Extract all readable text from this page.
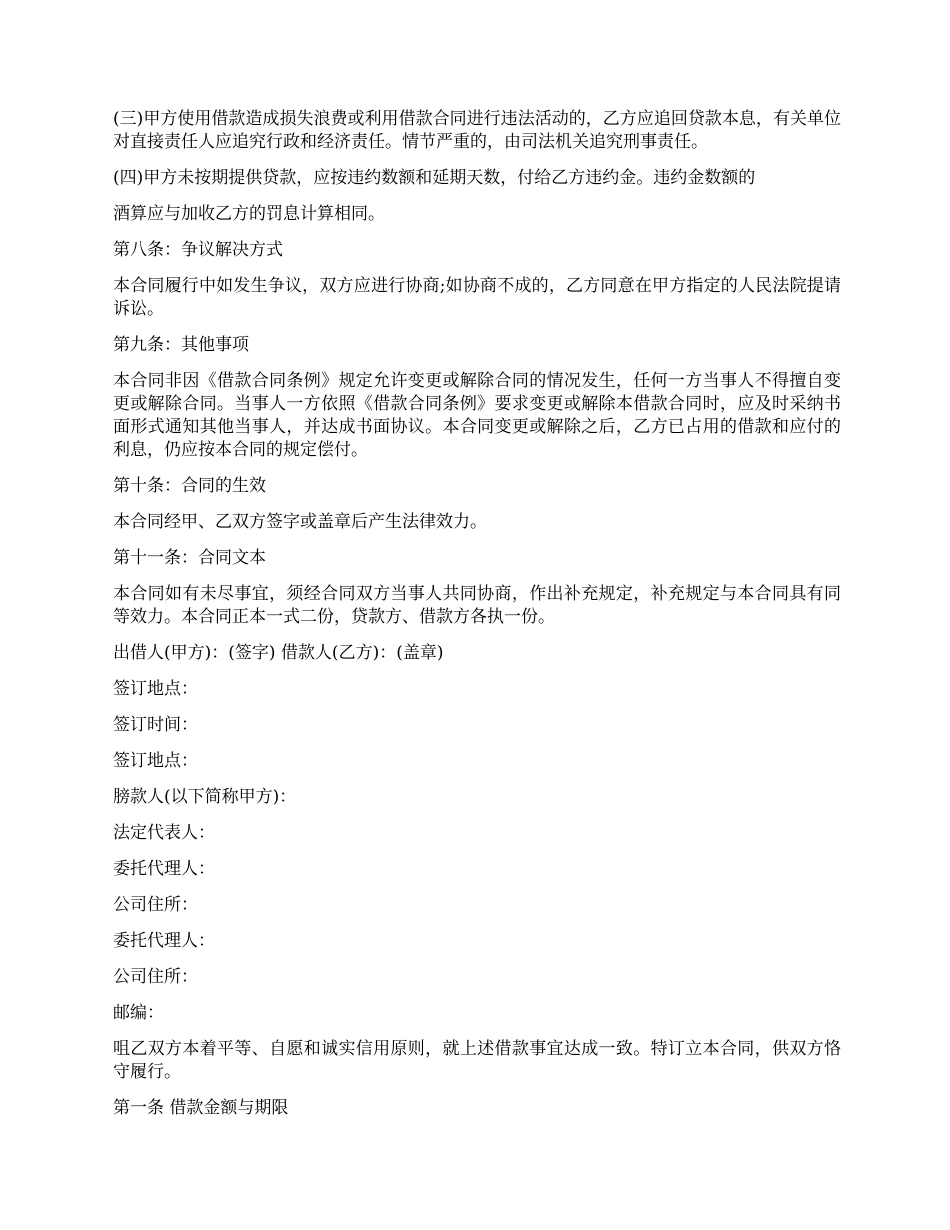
(三)甲方使用借款造成损失浪费或利用借款合同进行违法活动的，乙方应追回贷款本息，有关单位对直接责任人应追究行政和经济责任。情节严重的，由司法机关追究刑事责任。

(四)甲方未按期提供贷款，应按违约数额和延期天数，付给乙方违约金。违约金数额的

酒算应与加收乙方的罚息计算相同。

第八条：争议解决方式

本合同履行中如发生争议，双方应进行协商;如协商不成的，乙方同意在甲方指定的人民法院提请诉讼。

第九条：其他事项

本合同非因《借款合同条例》规定允许变更或解除合同的情况发生，任何一方当事人不得擅自变更或解除合同。当事人一方依照《借款合同条例》要求变更或解除本借款合同时，应及时采纳书面形式通知其他当事人，并达成书面协议。本合同变更或解除之后，乙方已占用的借款和应付的利息，仍应按本合同的规定偿付。

第十条：合同的生效

本合同经甲、乙双方签字或盖章后产生法律效力。

第十一条：合同文本

本合同如有未尽事宜，须经合同双方当事人共同协商，作出补充规定，补充规定与本合同具有同等效力。本合同正本一式二份，贷款方、借款方各执一份。

出借人(甲方)：(签字) 借款人(乙方)：(盖章)

签订地点：

签订时间：

签订地点：

膀款人(以下简称甲方)：

法定代表人：

委托代理人：

公司住所：

委托代理人：

公司住所：

邮编：

咀乙双方本着平等、自愿和诚实信用原则，就上述借款事宜达成一致。特订立本合同，供双方恪守履行。

第一条 借款金额与期限
